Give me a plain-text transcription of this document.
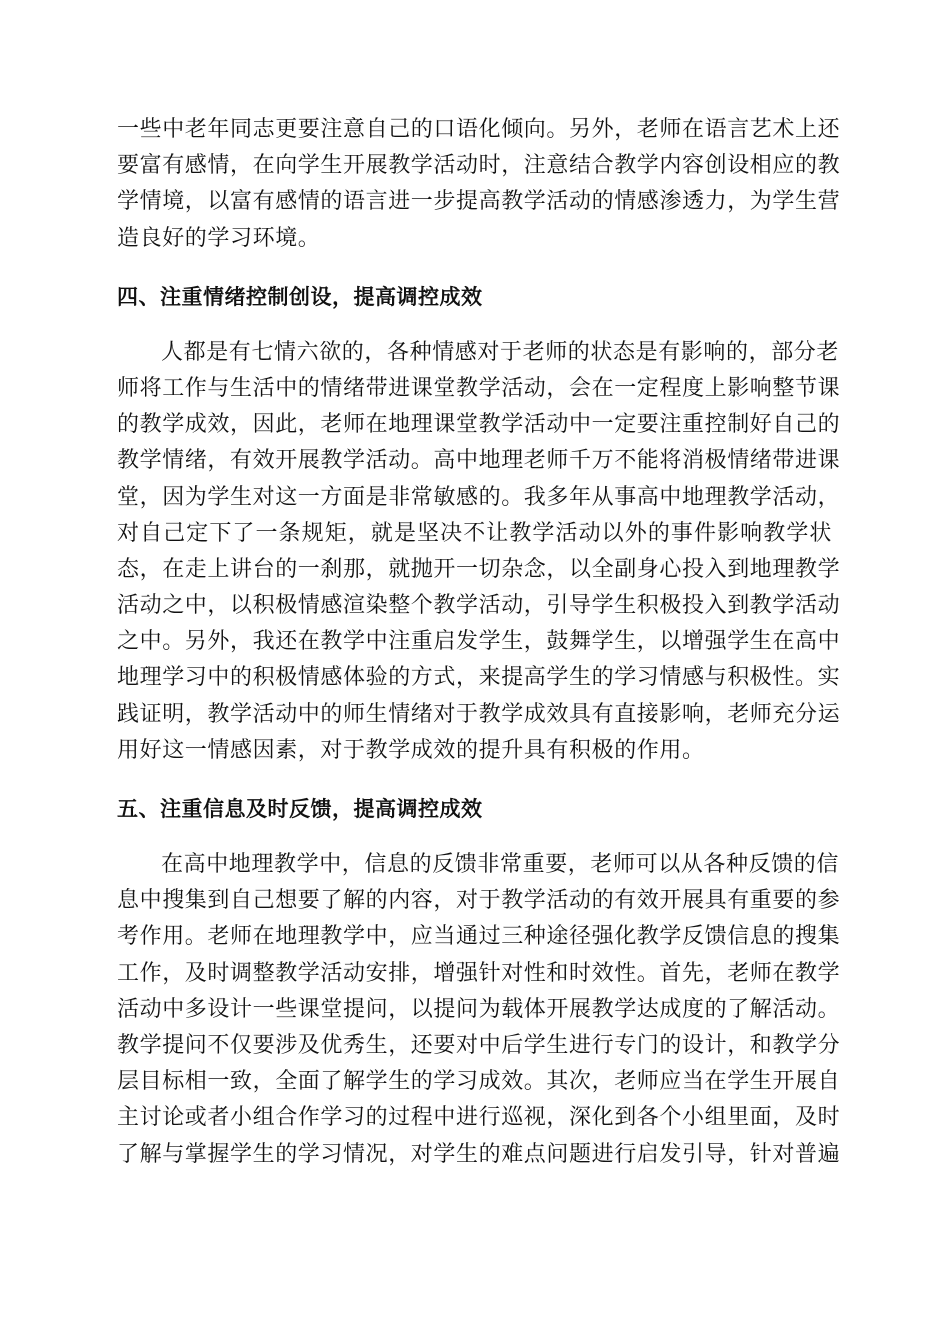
一些中老年同志更要注意自己的口语化倾向。另外，老师在语言艺术上还
要富有感情，在向学生开展教学活动时，注意结合教学内容创设相应的教
学情境，以富有感情的语言进一步提高教学活动的情感渗透力，为学生营
造良好的学习环境。
四、注重情绪控制创设，提高调控成效
人都是有七情六欲的，各种情感对于老师的状态是有影响的，部分老
师将工作与生活中的情绪带进课堂教学活动，会在一定程度上影响整节课
的教学成效，因此，老师在地理课堂教学活动中一定要注重控制好自己的
教学情绪，有效开展教学活动。高中地理老师千万不能将消极情绪带进课
堂，因为学生对这一方面是非常敏感的。我多年从事高中地理教学活动，
对自己定下了一条规矩，就是坚决不让教学活动以外的事件影响教学状
态，在走上讲台的一刹那，就抛开一切杂念，以全副身心投入到地理教学
活动之中，以积极情感渲染整个教学活动，引导学生积极投入到教学活动
之中。另外，我还在教学中注重启发学生，鼓舞学生，以增强学生在高中
地理学习中的积极情感体验的方式，来提高学生的学习情感与积极性。实
践证明，教学活动中的师生情绪对于教学成效具有直接影响，老师充分运
用好这一情感因素，对于教学成效的提升具有积极的作用。
五、注重信息及时反馈，提高调控成效
在高中地理教学中，信息的反馈非常重要，老师可以从各种反馈的信
息中搜集到自己想要了解的内容，对于教学活动的有效开展具有重要的参
考作用。老师在地理教学中，应当通过三种途径强化教学反馈信息的搜集
工作，及时调整教学活动安排，增强针对性和时效性。首先，老师在教学
活动中多设计一些课堂提问，以提问为载体开展教学达成度的了解活动。
教学提问不仅要涉及优秀生，还要对中后学生进行专门的设计，和教学分
层目标相一致，全面了解学生的学习成效。其次，老师应当在学生开展自
主讨论或者小组合作学习的过程中进行巡视，深化到各个小组里面，及时
了解与掌握学生的学习情况，对学生的难点问题进行启发引导，针对普遍
